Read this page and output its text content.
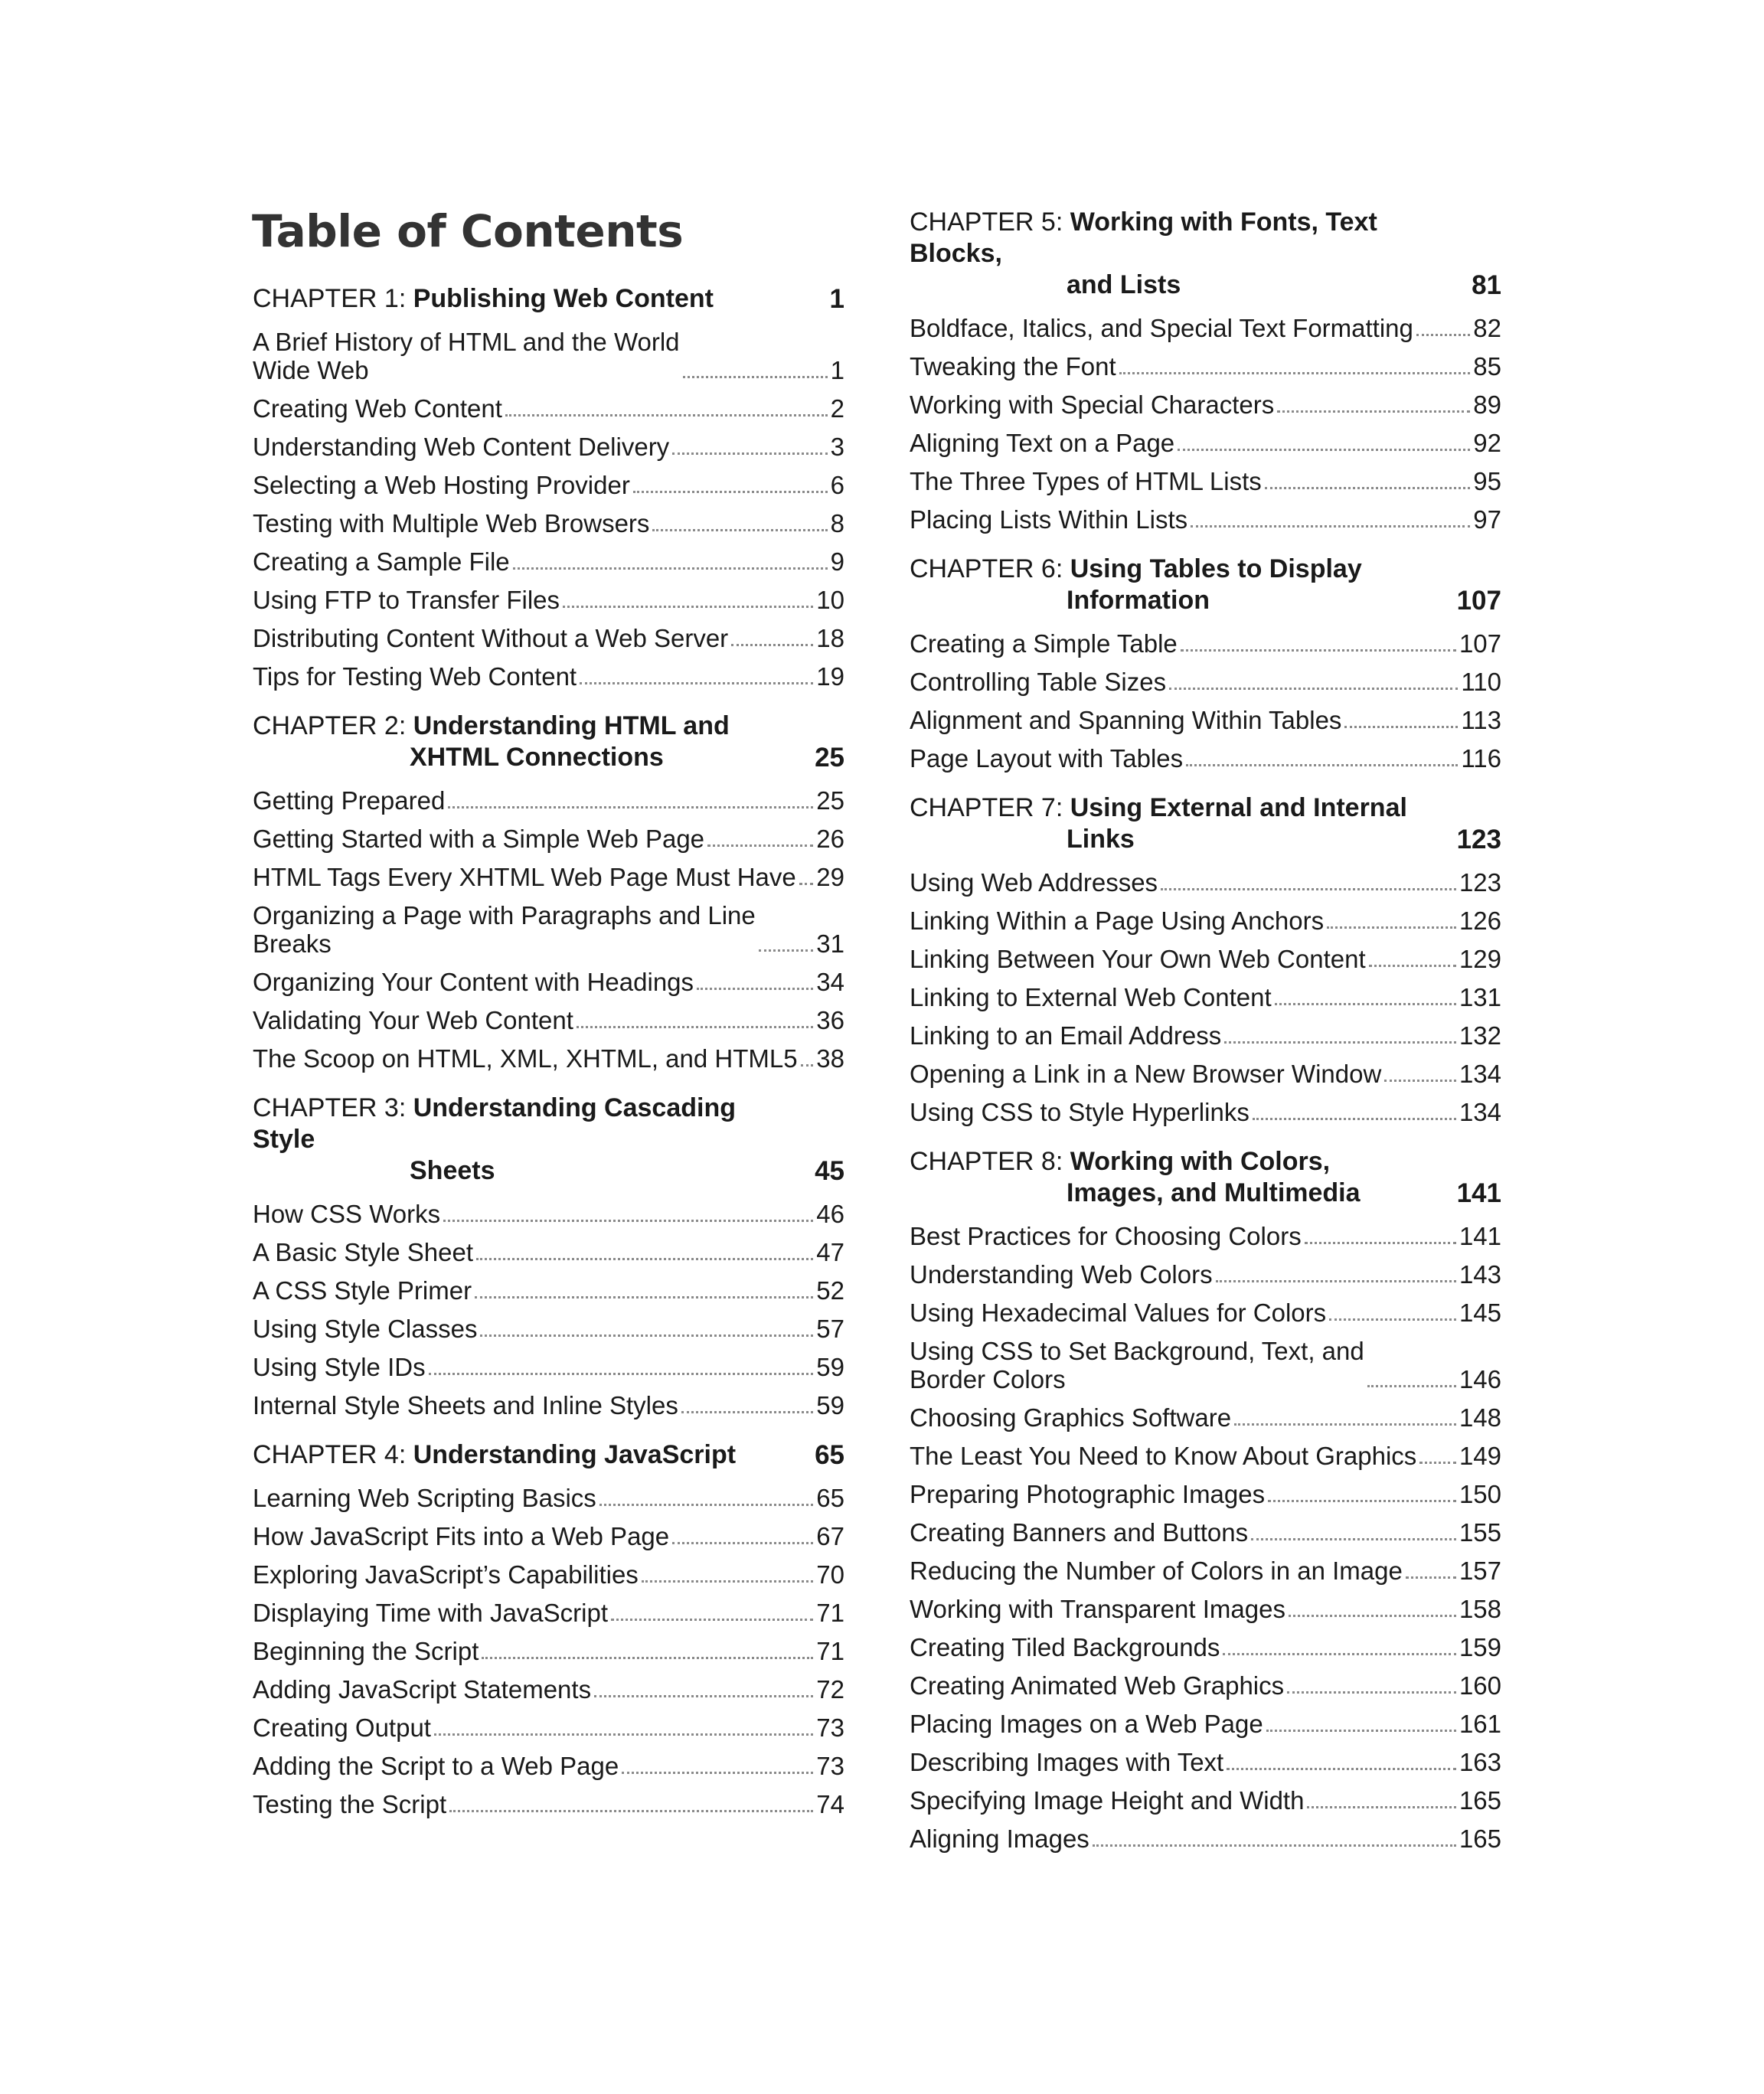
Table of Contents
CHAPTER 1: Publishing Web Content	1
A Brief History of HTML and the World
Wide Web	1
Creating Web Content	2
Understanding Web Content Delivery	3
Selecting a Web Hosting Provider	6
Testing with Multiple Web Browsers	8
Creating a Sample File	9
Using FTP to Transfer Files	10
Distributing Content Without a Web Server	18
Tips for Testing Web Content	19
CHAPTER 2: Understanding HTML and
XHTML Connections	25
Getting Prepared	25
Getting Started with a Simple Web Page	26
HTML Tags Every XHTML Web Page Must Have 29
Organizing a Page with Paragraphs and Line
Breaks	31
Organizing Your Content with Headings	34
Validating Your Web Content	36
The Scoop on HTML, XML, XHTML, and HTML5 38
CHAPTER 3: Understanding Cascading Style
Sheets	45
How CSS Works	46
A Basic Style Sheet	47
A CSS Style Primer	52
Using Style Classes	57
Using Style IDs	59
Internal Style Sheets and Inline Styles	59
CHAPTER 4: Understanding JavaScript	65
Learning Web Scripting Basics	65
How JavaScript Fits into a Web Page	67
Exploring JavaScript’s Capabilities	70
Displaying Time with JavaScript	71
Beginning the Script	71
Adding JavaScript Statements	72
Creating Output	73
Adding the Script to a Web Page	73
Testing the Script	74
CHAPTER 5: Working with Fonts, Text Blocks,
and Lists	81
Boldface, Italics, and Special Text Formatting 82
Tweaking the Font	85
Working with Special Characters	89
Aligning Text on a Page	92
The Three Types of HTML Lists	95
Placing Lists Within Lists	97
CHAPTER 6: Using Tables to Display
Information	107
Creating a Simple Table	107
Controlling Table Sizes	110
Alignment and Spanning Within Tables	113
Page Layout with Tables	116
CHAPTER 7: Using External and Internal
Links	123
Using Web Addresses	123
Linking Within a Page Using Anchors	126
Linking Between Your Own Web Content	129
Linking to External Web Content	131
Linking to an Email Address	132
Opening a Link in a New Browser Window	134
Using CSS to Style Hyperlinks	134
CHAPTER 8: Working with Colors,
Images, and Multimedia	141
Best Practices for Choosing Colors	141
Understanding Web Colors	143
Using Hexadecimal Values for Colors	145
Using CSS to Set Background, Text, and
Border Colors	146
Choosing Graphics Software	148
The Least You Need to Know About Graphics 149
Preparing Photographic Images	150
Creating Banners and Buttons	155
Reducing the Number of Colors in an Image 157
Working with Transparent Images	158
Creating Tiled Backgrounds	159
Creating Animated Web Graphics	160
Placing Images on a Web Page	161
Describing Images with Text	163
Specifying Image Height and Width	165
Aligning Images	165
